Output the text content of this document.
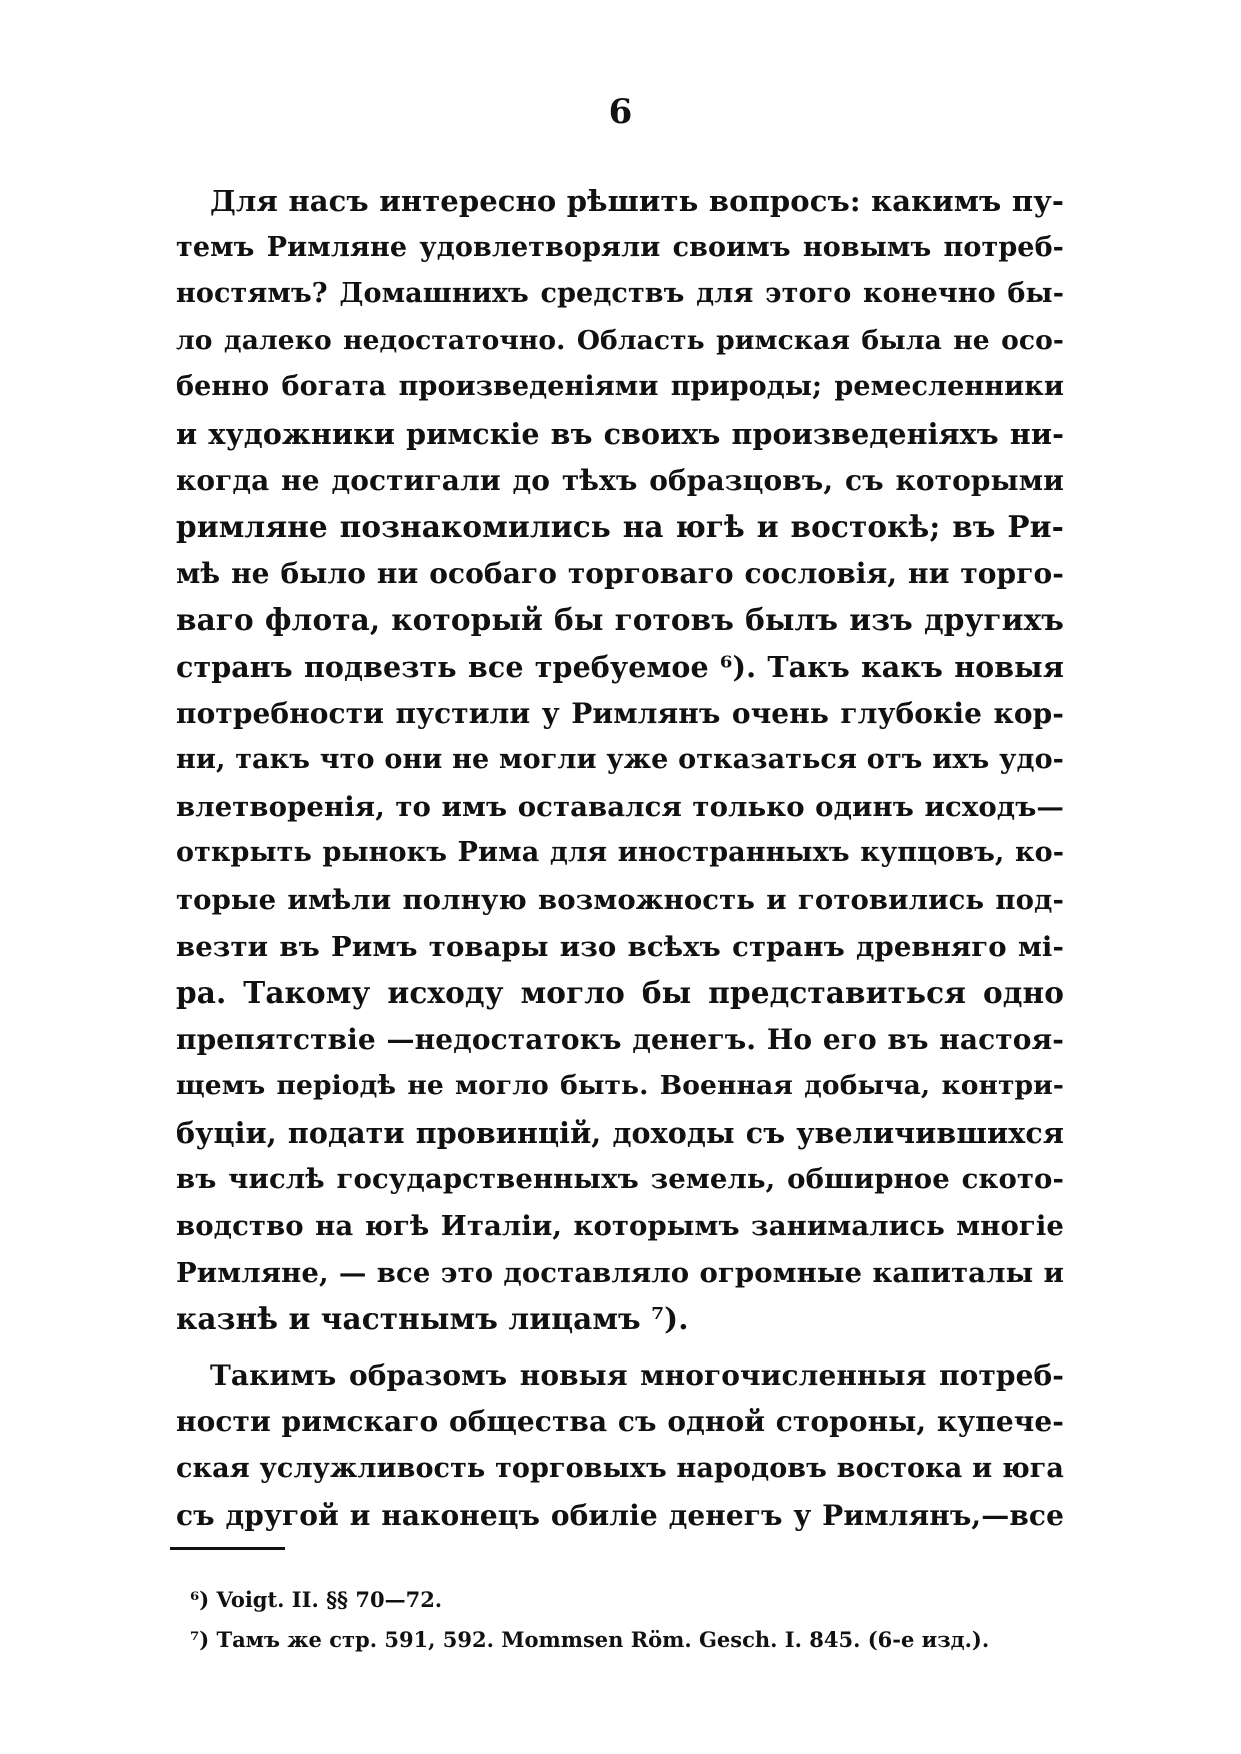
6
Для насъ интересно рѣшить вопросъ: какимъ пу-
темъ Римляне удовлетворяли своимъ новымъ потреб-
ностямъ? Домашнихъ средствъ для этого конечно бы-
ло далеко недостаточно. Область римская была не осо-
бенно богата произведеніями природы; ремесленники
и художники римскіе въ своихъ произведеніяхъ ни-
когда не достигали до тѣхъ образцовъ, съ которыми
римляне познакомились на югѣ и востокѣ; въ Ри-
мѣ не было ни особаго торговаго сословія, ни торго-
ваго флота, который бы готовъ былъ изъ другихъ
странъ подвезть все требуемое ⁶). Такъ какъ новыя
потребности пустили у Римлянъ очень глубокіе кор-
ни, такъ что они не могли уже отказаться отъ ихъ удо-
влетворенія, то имъ оставался только одинъ исходъ—
открыть рынокъ Рима для иностранныхъ купцовъ, ко-
торые имѣли полную возможность и готовились под-
везти въ Римъ товары изо всѣхъ странъ древняго мі-
ра. Такому исходу могло бы представиться одно
препятствіе —недостатокъ денегъ. Но его въ настоя-
щемъ періодѣ не могло быть. Военная добыча, контри-
буціи, подати провинцій, доходы съ увеличившихся
въ числѣ государственныхъ земель, обширное ското-
водство на югѣ Италіи, которымъ занимались многіе
Римляне, — все это доставляло огромные капиталы и
казнѣ и частнымъ лицамъ ⁷).
Такимъ образомъ новыя многочисленныя потреб-
ности римскаго общества съ одной стороны, купече-
ская услужливость торговыхъ народовъ востока и юга
съ другой и наконецъ обиліе денегъ у Римлянъ,—все
⁶) Voigt. II. §§ 70—72.
⁷) Тамъ же стр. 591, 592. Mommsen Röm. Gesch. I. 845. (6-е изд.).
